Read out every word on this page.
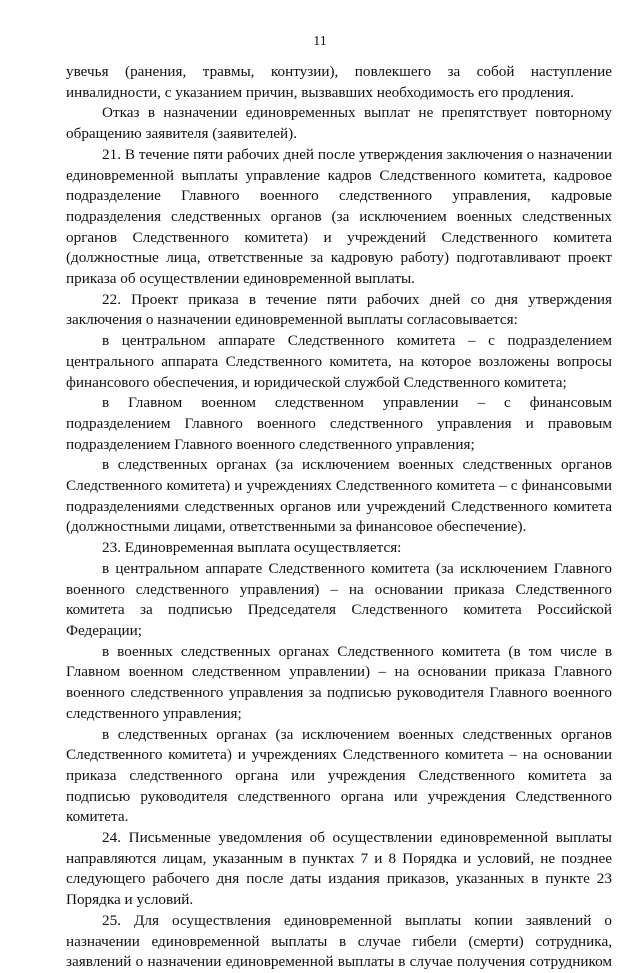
11

увечья (ранения, травмы, контузии), повлекшего за собой наступление инвалидности, с указанием причин, вызвавших необходимость его продления.

Отказ в назначении единовременных выплат не препятствует повторному обращению заявителя (заявителей).

21. В течение пяти рабочих дней после утверждения заключения о назначении единовременной выплаты управление кадров Следственного комитета, кадровое подразделение Главного военного следственного управления, кадровые подразделения следственных органов (за исключением военных следственных органов Следственного комитета) и учреждений Следственного комитета (должностные лица, ответственные за кадровую работу) подготавливают проект приказа об осуществлении единовременной выплаты.

22. Проект приказа в течение пяти рабочих дней со дня утверждения заключения о назначении единовременной выплаты согласовывается:

в центральном аппарате Следственного комитета – с подразделением центрального аппарата Следственного комитета, на которое возложены вопросы финансового обеспечения, и юридической службой Следственного комитета;

в Главном военном следственном управлении – с финансовым подразделением Главного военного следственного управления и правовым подразделением Главного военного следственного управления;

в следственных органах (за исключением военных следственных органов Следственного комитета) и учреждениях Следственного комитета – с финансовыми подразделениями следственных органов или учреждений Следственного комитета (должностными лицами, ответственными за финансовое обеспечение).

23. Единовременная выплата осуществляется:

в центральном аппарате Следственного комитета (за исключением Главного военного следственного управления) – на основании приказа Следственного комитета за подписью Председателя Следственного комитета Российской Федерации;

в военных следственных органах Следственного комитета (в том числе в Главном военном следственном управлении) – на основании приказа Главного военного следственного управления за подписью руководителя Главного военного следственного управления;

в следственных органах (за исключением военных следственных органов Следственного комитета) и учреждениях Следственного комитета – на основании приказа следственного органа или учреждения Следственного комитета за подписью руководителя следственного органа или учреждения Следственного комитета.

24. Письменные уведомления об осуществлении единовременной выплаты направляются лицам, указанным в пунктах 7 и 8 Порядка и условий, не позднее следующего рабочего дня после даты издания приказов, указанных в пункте 23 Порядка и условий.

25. Для осуществления единовременной выплаты копии заявлений о назначении единовременной выплаты в случае гибели (смерти) сотрудника, заявлений о назначении единовременной выплаты в случае получения сотрудником
